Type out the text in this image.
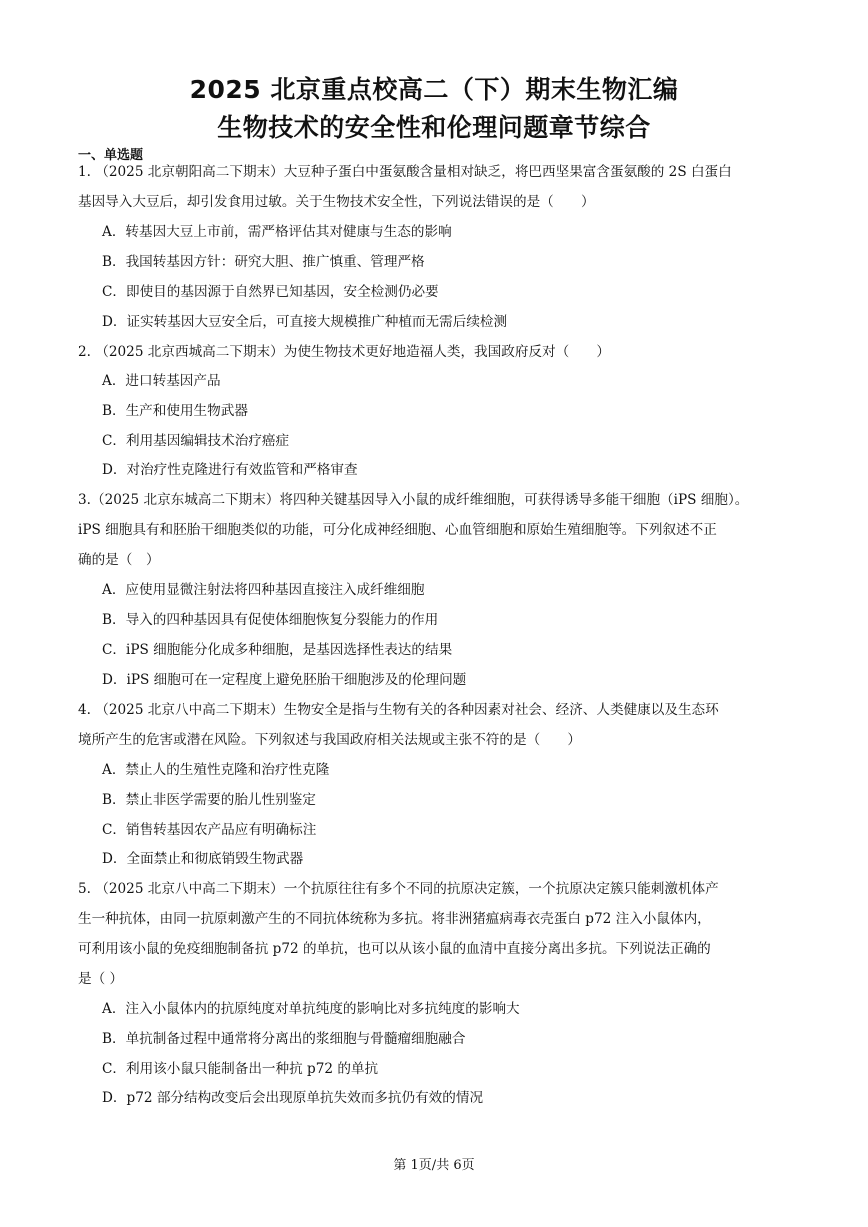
2025 北京重点校高二（下）期末生物汇编
生物技术的安全性和伦理问题章节综合
一、单选题
1. （2025 北京朝阳高二下期末）大豆种子蛋白中蛋氨酸含量相对缺乏，将巴西坚果富含蛋氨酸的 2S 白蛋白
基因导入大豆后，却引发食用过敏。关于生物技术安全性，下列说法错误的是（　　）
A．转基因大豆上市前，需严格评估其对健康与生态的影响
B．我国转基因方针：研究大胆、推广慎重、管理严格
C．即使目的基因源于自然界已知基因，安全检测仍必要
D．证实转基因大豆安全后，可直接大规模推广种植而无需后续检测
2. （2025 北京西城高二下期末）为使生物技术更好地造福人类，我国政府反对（　　）
A．进口转基因产品
B．生产和使用生物武器
C．利用基因编辑技术治疗癌症
D．对治疗性克隆进行有效监管和严格审查
3.（2025 北京东城高二下期末）将四种关键基因导入小鼠的成纤维细胞，可获得诱导多能干细胞（iPS 细胞）。
iPS 细胞具有和胚胎干细胞类似的功能，可分化成神经细胞、心血管细胞和原始生殖细胞等。下列叙述不正
确的是（　）
A．应使用显微注射法将四种基因直接注入成纤维细胞
B．导入的四种基因具有促使体细胞恢复分裂能力的作用
C．iPS 细胞能分化成多种细胞，是基因选择性表达的结果
D．iPS 细胞可在一定程度上避免胚胎干细胞涉及的伦理问题
4. （2025 北京八中高二下期末）生物安全是指与生物有关的各种因素对社会、经济、人类健康以及生态环
境所产生的危害或潜在风险。下列叙述与我国政府相关法规或主张不符的是（　　）
A．禁止人的生殖性克隆和治疗性克隆
B．禁止非医学需要的胎儿性别鉴定
C．销售转基因农产品应有明确标注
D．全面禁止和彻底销毁生物武器
5. （2025 北京八中高二下期末）一个抗原往往有多个不同的抗原决定簇，一个抗原决定簇只能刺激机体产
生一种抗体，由同一抗原刺激产生的不同抗体统称为多抗。将非洲猪瘟病毒衣壳蛋白 p72 注入小鼠体内，
可利用该小鼠的免疫细胞制备抗 p72 的单抗，也可以从该小鼠的血清中直接分离出多抗。下列说法正确的
是（ ）
A．注入小鼠体内的抗原纯度对单抗纯度的影响比对多抗纯度的影响大
B．单抗制备过程中通常将分离出的浆细胞与骨髓瘤细胞融合
C．利用该小鼠只能制备出一种抗 p72 的单抗
D．p72 部分结构改变后会出现原单抗失效而多抗仍有效的情况
第 1页/共 6页
